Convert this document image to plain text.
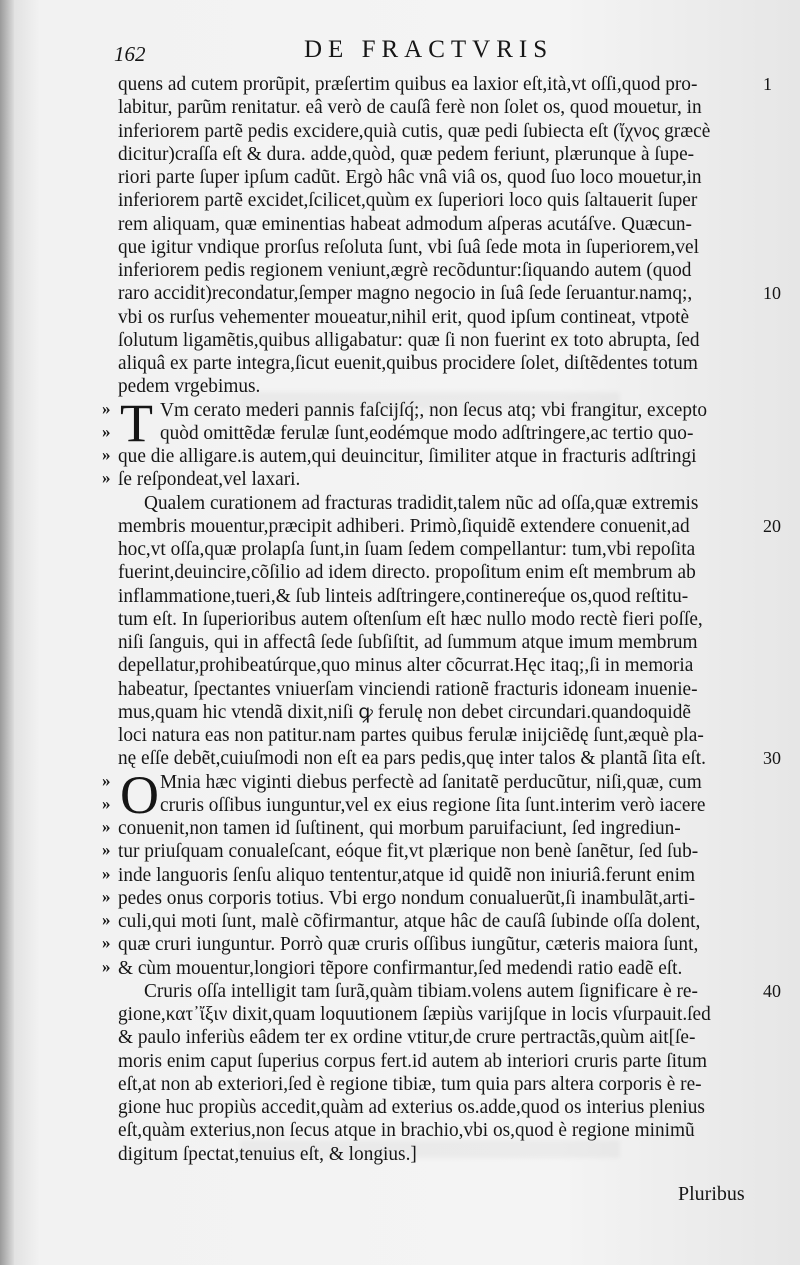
162	DE FRACTVRIS
quens ad cutem prorũpit, præſertim quibus ea laxior eſt,ità,vt oſſi,quod pro-	1
labitur, parũm renitatur. eâ verò de cauſâ ferè non ſolet os, quod mouetur, in
inferiorem partẽ pedis excidere,quià cutis, quæ pedi ſubiecta eſt (ἴχνος græcè
dicitur)craſſa eſt & dura. adde,quòd, quæ pedem feriunt, plærunque à ſupe-
riori parte ſuper ipſum cadũt. Ergò hâc vnâ viâ os, quod ſuo loco mouetur,in
inferiorem partẽ excidet,ſcilicet,quùm ex ſuperiori loco quis ſaltauerit ſuper
rem aliquam, quæ eminentias habeat admodum aſperas acutáſve. Quæcun-
que igitur vndique prorſus reſoluta ſunt, vbi ſuâ ſede mota in ſuperiorem,vel
inferiorem pedis regionem veniunt,ægrè recõduntur:ſiquando autem (quod
raro accidit)recondatur,ſemper magno negocio in ſuâ ſede ſeruantur.namq;,	10
vbi os rurſus vehementer moueatur,nihil erit, quod ipſum contineat, vtpotè
ſolutum ligamẽtis,quibus alligabatur: quæ ſi non fuerint ex toto abrupta, ſed
aliquâ ex parte integra,ſicut euenit,quibus procidere ſolet, diſtẽdentes totum
pedem vrgebimus.
T
»	Vm cerato mederi pannis faſcijſq́;, non ſecus atq; vbi frangitur, excepto
»	quòd omittẽdæ ferulæ ſunt,eodémque modo adſtringere,ac tertio quo-
» que die alligare.is autem,qui deuincitur, ſimiliter atque in fracturis adſtringi
» ſe reſpondeat,vel laxari.
Qualem curationem ad fracturas tradidit,talem nũc ad oſſa,quæ extremis
membris mouentur,præcipit adhiberi. Primò,ſiquidẽ extendere conuenit,ad	20
hoc,vt oſſa,quæ prolapſa ſunt,in ſuam ſedem compellantur: tum,vbi repoſita
fuerint,deuincire,cõſilio ad idem directo. propoſitum enim eſt membrum ab
inflammatione,tueri,& ſub linteis adſtringere,continereq́ue os,quod reſtitu-
tum eſt. In ſuperioribus autem oſtenſum eſt hæc nullo modo rectè fieri poſſe,
niſi ſanguis, qui in affectâ ſede ſubſiſtit, ad ſummum atque imum membrum
depellatur,prohibeatúrque,quo minus alter cõcurrat.Hęc itaq;,ſi in memoria
habeatur, ſpectantes vniuerſam vinciendi rationẽ fracturis idoneam inuenie-
mus,quam hic vtendã dixit,niſi ꝙ ferulę non debet circundari.quandoquidẽ
loci natura eas non patitur.nam partes quibus ferulæ inijciẽdę ſunt,æquè pla-
nę eſſe debẽt,cuiuſmodi non eſt ea pars pedis,quę inter talos & plantã ſita eſt.	30
O
»	Mnia hæc viginti diebus perfectè ad ſanitatẽ perducũtur, niſi,quæ, cum
»	cruris oſſibus iunguntur,vel ex eius regione ſita ſunt.interim verò iacere
» conuenit,non tamen id ſuſtinent, qui morbum paruifaciunt, ſed ingrediun-
» tur priuſquam conualeſcant, eóque fit,vt plærique non benè ſanẽtur, ſed ſub-
» inde languoris ſenſu aliquo tententur,atque id quidẽ non iniuriâ.ferunt enim
» pedes onus corporis totius. Vbi ergo nondum conualuerũt,ſi inambulãt,arti-
» culi,qui moti ſunt, malè cõfirmantur, atque hâc de cauſâ ſubinde oſſa dolent,
» quæ cruri iunguntur. Porrò quæ cruris oſſibus iungũtur, cæteris maiora ſunt,
» & cùm mouentur,longiori tẽpore confirmantur,ſed medendi ratio eadẽ eſt.
Cruris oſſa intelligit tam ſurã,quàm tibiam.volens autem ſignificare è re-	40
gione,κατ᾽ἴξιν dixit,quam loquutionem ſæpiùs varijſque in locis vſurpauit.ſed
& paulo inferiùs eâdem ter ex ordine vtitur,de crure pertractãs,quùm ait[ſe-
moris enim caput ſuperius corpus fert.id autem ab interiori cruris parte ſitum
eſt,at non ab exteriori,ſed è regione tibiæ, tum quia pars altera corporis è re-
gione huc propiùs accedit,quàm ad exterius os.adde,quod os interius plenius
eſt,quàm exterius,non ſecus atque in brachio,vbi os,quod è regione minimũ
digitum ſpectat,tenuius eſt, & longius.]
Pluribus
